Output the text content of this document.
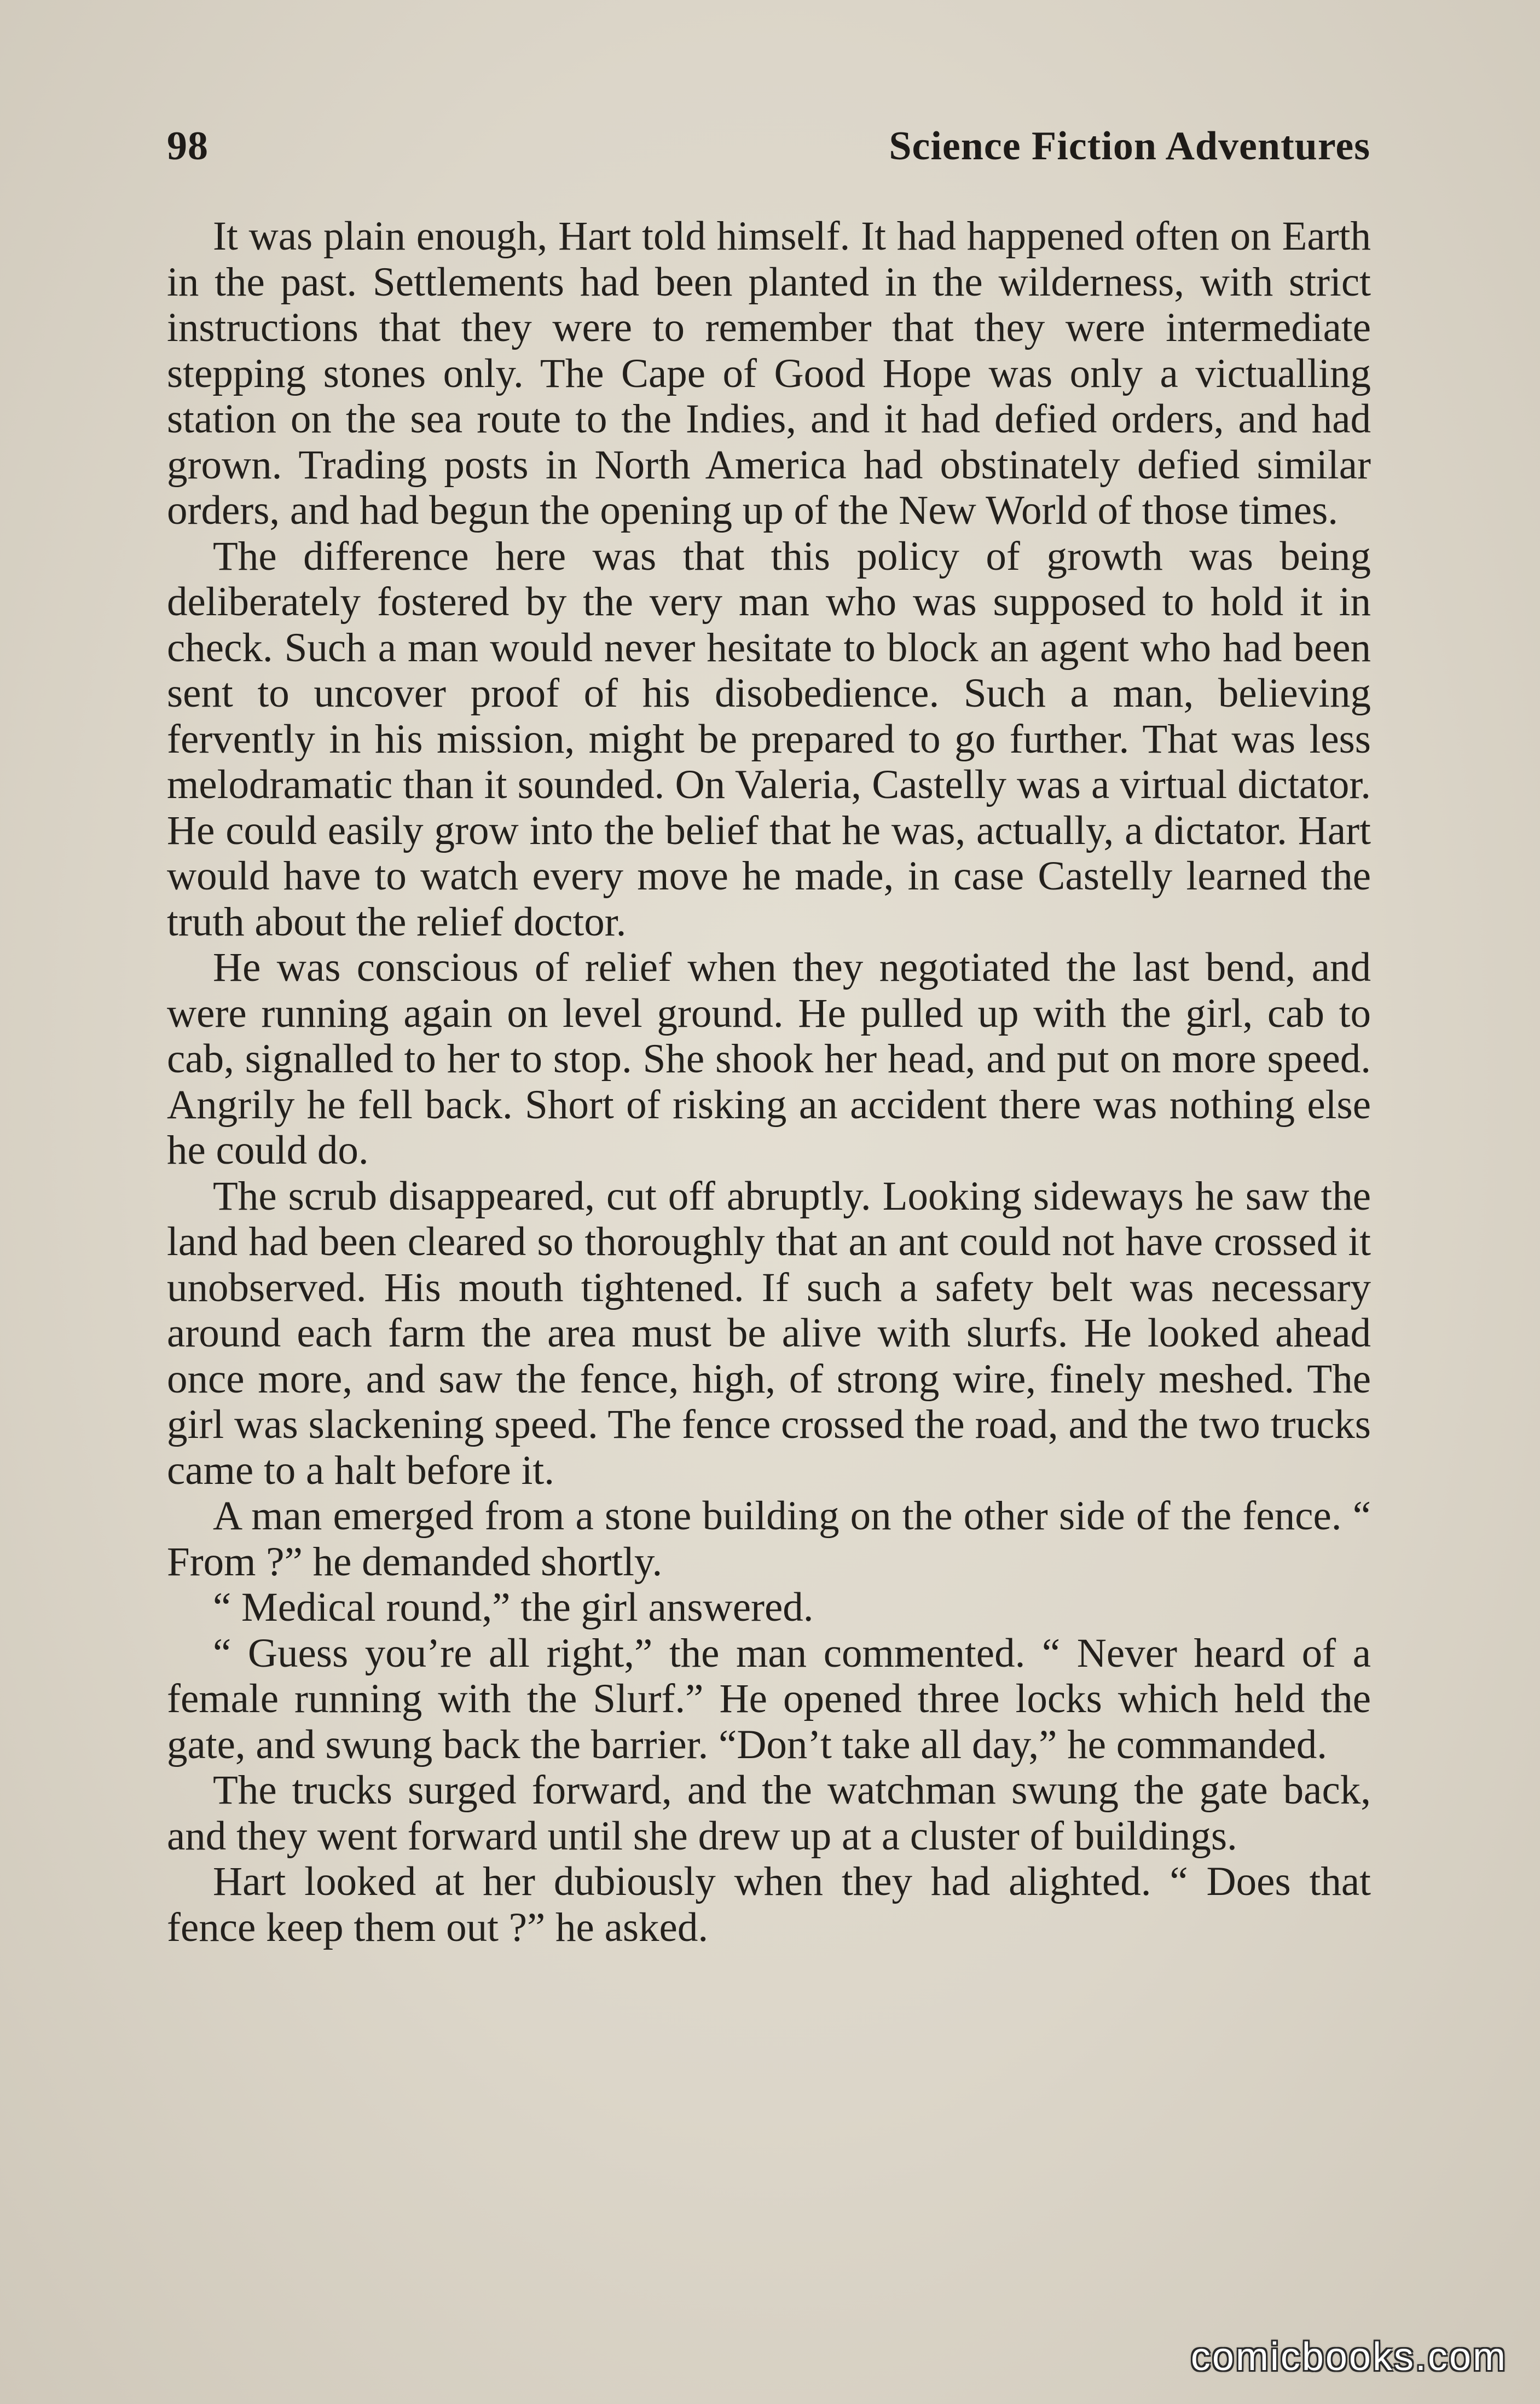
98	Science Fiction Adventures

It was plain enough, Hart told himself. It had happened often on Earth in the past. Settlements had been planted in the wilderness, with strict instructions that they were to remember that they were intermediate stepping stones only. The Cape of Good Hope was only a victualling station on the sea route to the Indies, and it had defied orders, and had grown. Trading posts in North America had obstinately defied similar orders, and had begun the opening up of the New World of those times.

The difference here was that this policy of growth was being deliberately fostered by the very man who was supposed to hold it in check. Such a man would never hesitate to block an agent who had been sent to uncover proof of his disobedience. Such a man, believing fervently in his mission, might be prepared to go further. That was less melodramatic than it sounded. On Valeria, Castelly was a virtual dictator. He could easily grow into the belief that he was, actually, a dictator. Hart would have to watch every move he made, in case Castelly learned the truth about the relief doctor.

He was conscious of relief when they negotiated the last bend, and were running again on level ground. He pulled up with the girl, cab to cab, signalled to her to stop. She shook her head, and put on more speed. Angrily he fell back. Short of risking an accident there was nothing else he could do.

The scrub disappeared, cut off abruptly. Looking sideways he saw the land had been cleared so thoroughly that an ant could not have crossed it unobserved. His mouth tightened. If such a safety belt was necessary around each farm the area must be alive with slurfs. He looked ahead once more, and saw the fence, high, of strong wire, finely meshed. The girl was slackening speed. The fence crossed the road, and the two trucks came to a halt before it.

A man emerged from a stone building on the other side of the fence. “ From ?” he demanded shortly.

“ Medical round,” the girl answered.

“ Guess you’re all right,” the man commented. “ Never heard of a female running with the Slurf.” He opened three locks which held the gate, and swung back the barrier. “Don’t take all day,” he commanded.

The trucks surged forward, and the watchman swung the gate back, and they went forward until she drew up at a cluster of buildings.

Hart looked at her dubiously when they had alighted. “ Does that fence keep them out ?” he asked.

comicbooks.com
